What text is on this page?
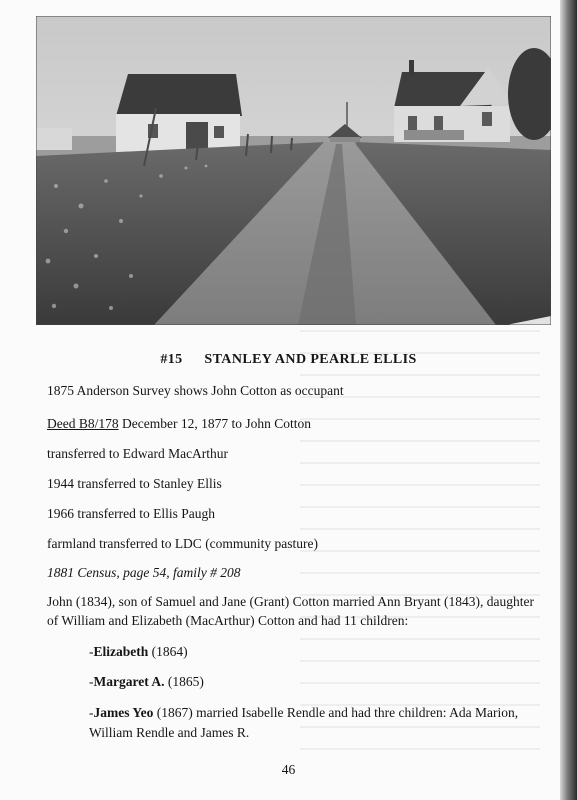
#15 STANLEY AND PEARLE ELLIS
1875 Anderson Survey shows John Cotton as occupant
Deed B8/178 December 12, 1877 to John Cotton
transferred to Edward MacArthur
1944 transferred to Stanley Ellis
1966 transferred to Ellis Paugh
farmland transferred to LDC (community pasture)
1881 Census, page 54, family # 208
John (1834), son of Samuel and Jane (Grant) Cotton married Ann Bryant (1843), daughter of William and Elizabeth (MacArthur) Cotton and had 11 children:
-Elizabeth (1864)
-Margaret A. (1865)
-James Yeo (1867) married Isabelle Rendle and had thre children: Ada Marion, William Rendle and James R.
46
